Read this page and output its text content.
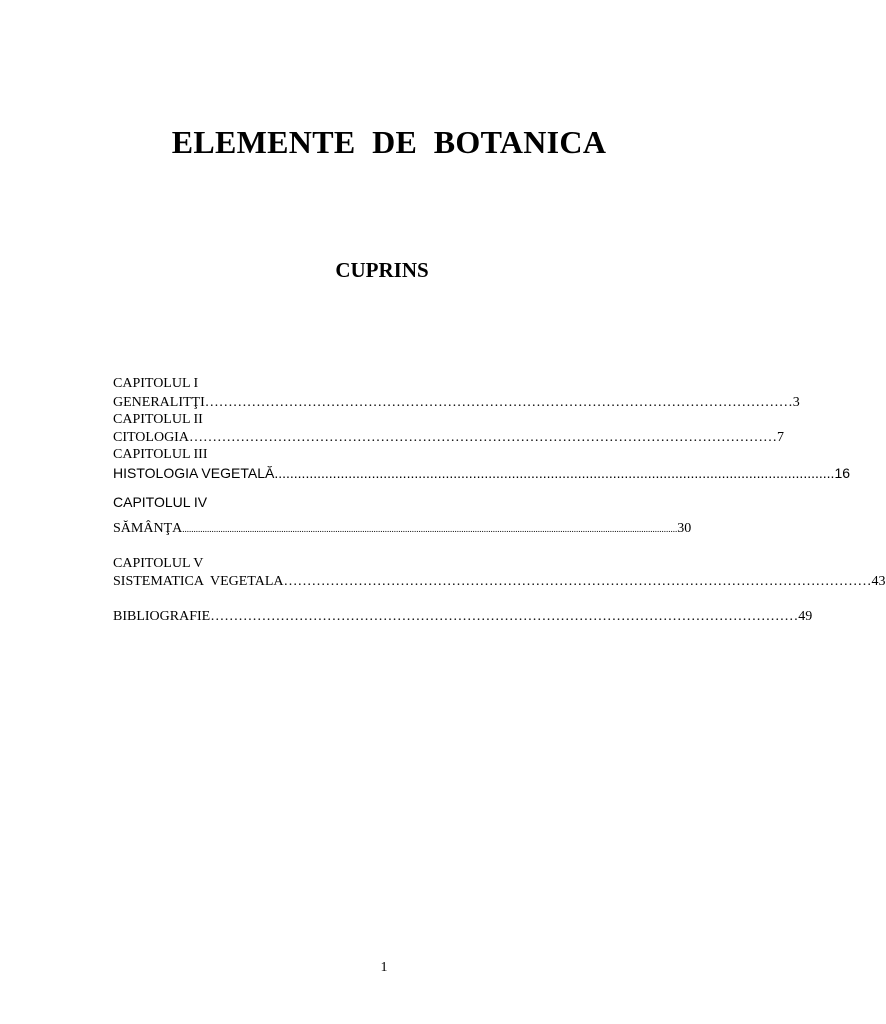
ELEMENTE  DE  BOTANICA
CUPRINS
CAPITOLUL I
GENERALITŢI ……………………………………………………………………………………………………………… 3
CAPITOLUL II
CITOLOGIA ……………………………………………………………………………………………………………… 7
CAPITOLUL III
HISTOLOGIA VEGETALĂ ................................................................................................................................................ 16
CAPITOLUL IV
SĂMÂNŢA ............................................................................................................................................................................................................................ 30
CAPITOLUL V
SISTEMATICA  VEGETALA ……………………………………………………………………………………………………………… 43
BIBLIOGRAFIE ……………………………………………………………………………………………………………… 49
1
